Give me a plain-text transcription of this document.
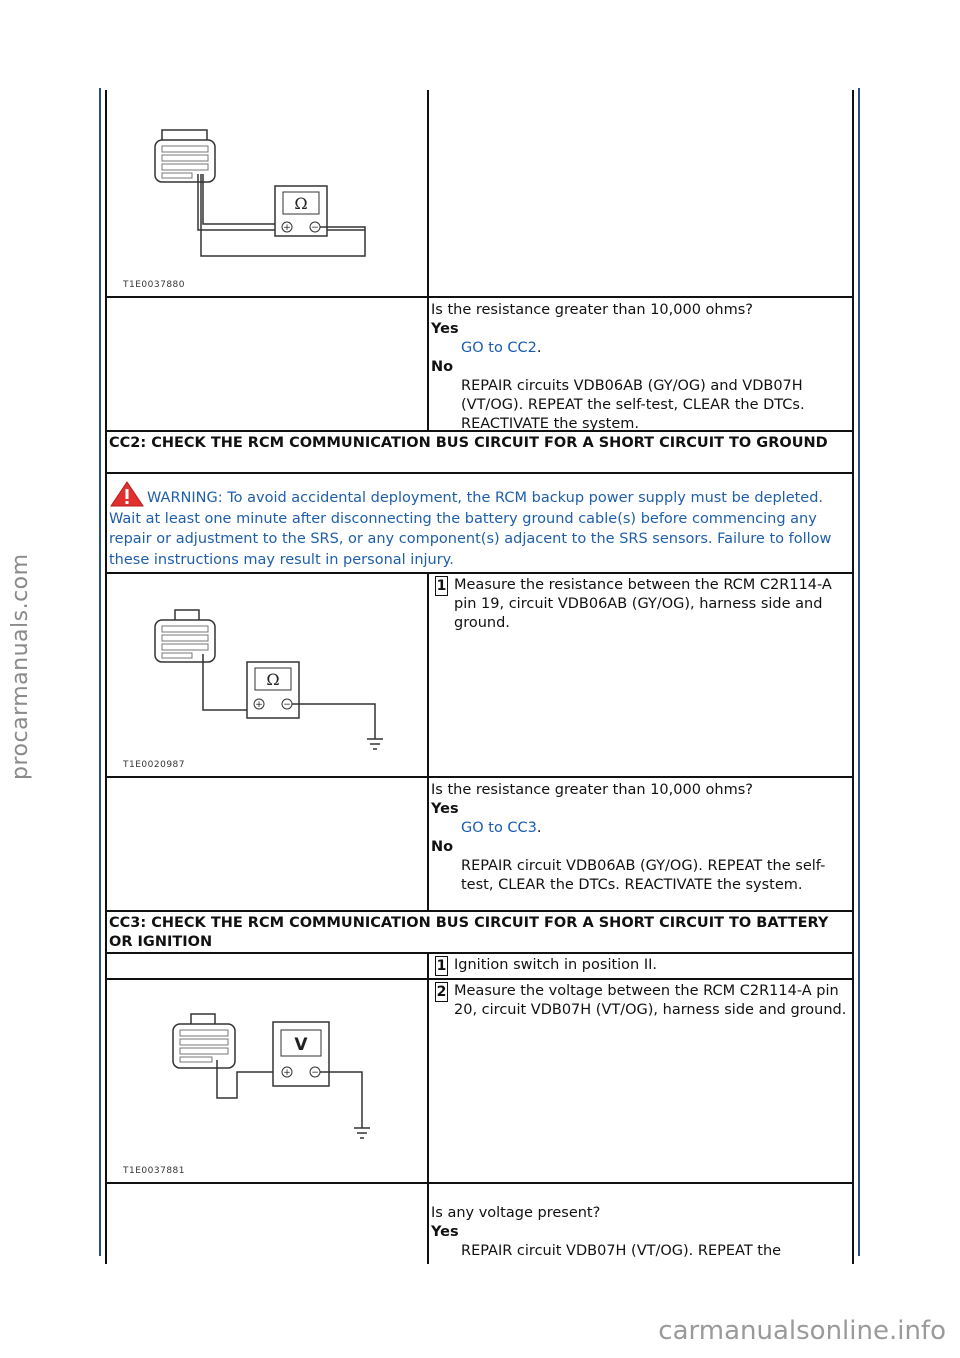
procarmanuals.com
carmanualsonline.info
Ω
+ −
T1E0037880
Is the resistance greater than 10,000 ohms?
Yes
GO to CC2.
No
REPAIR circuits VDB06AB (GY/OG) and VDB07H (VT/OG). REPEAT the self-test, CLEAR the DTCs. REACTIVATE the system.
CC2: CHECK THE RCM COMMUNICATION BUS CIRCUIT FOR A SHORT CIRCUIT TO GROUND
WARNING: To avoid accidental deployment, the RCM backup power supply must be depleted. Wait at least one minute after disconnecting the battery ground cable(s) before commencing any repair or adjustment to the SRS, or any component(s) adjacent to the SRS sensors. Failure to follow these instructions may result in personal injury.
Ω
+ −
T1E0020987
1 Measure the resistance between the RCM C2R114-A pin 19, circuit VDB06AB (GY/OG), harness side and ground.
Is the resistance greater than 10,000 ohms?
Yes
GO to CC3.
No
REPAIR circuit VDB06AB (GY/OG). REPEAT the self-test, CLEAR the DTCs. REACTIVATE the system.
CC3: CHECK THE RCM COMMUNICATION BUS CIRCUIT FOR A SHORT CIRCUIT TO BATTERY OR IGNITION
1 Ignition switch in position II.
V
+ −
T1E0037881
2 Measure the voltage between the RCM C2R114-A pin 20, circuit VDB07H (VT/OG), harness side and ground.
Is any voltage present?
Yes
REPAIR circuit VDB07H (VT/OG). REPEAT the
